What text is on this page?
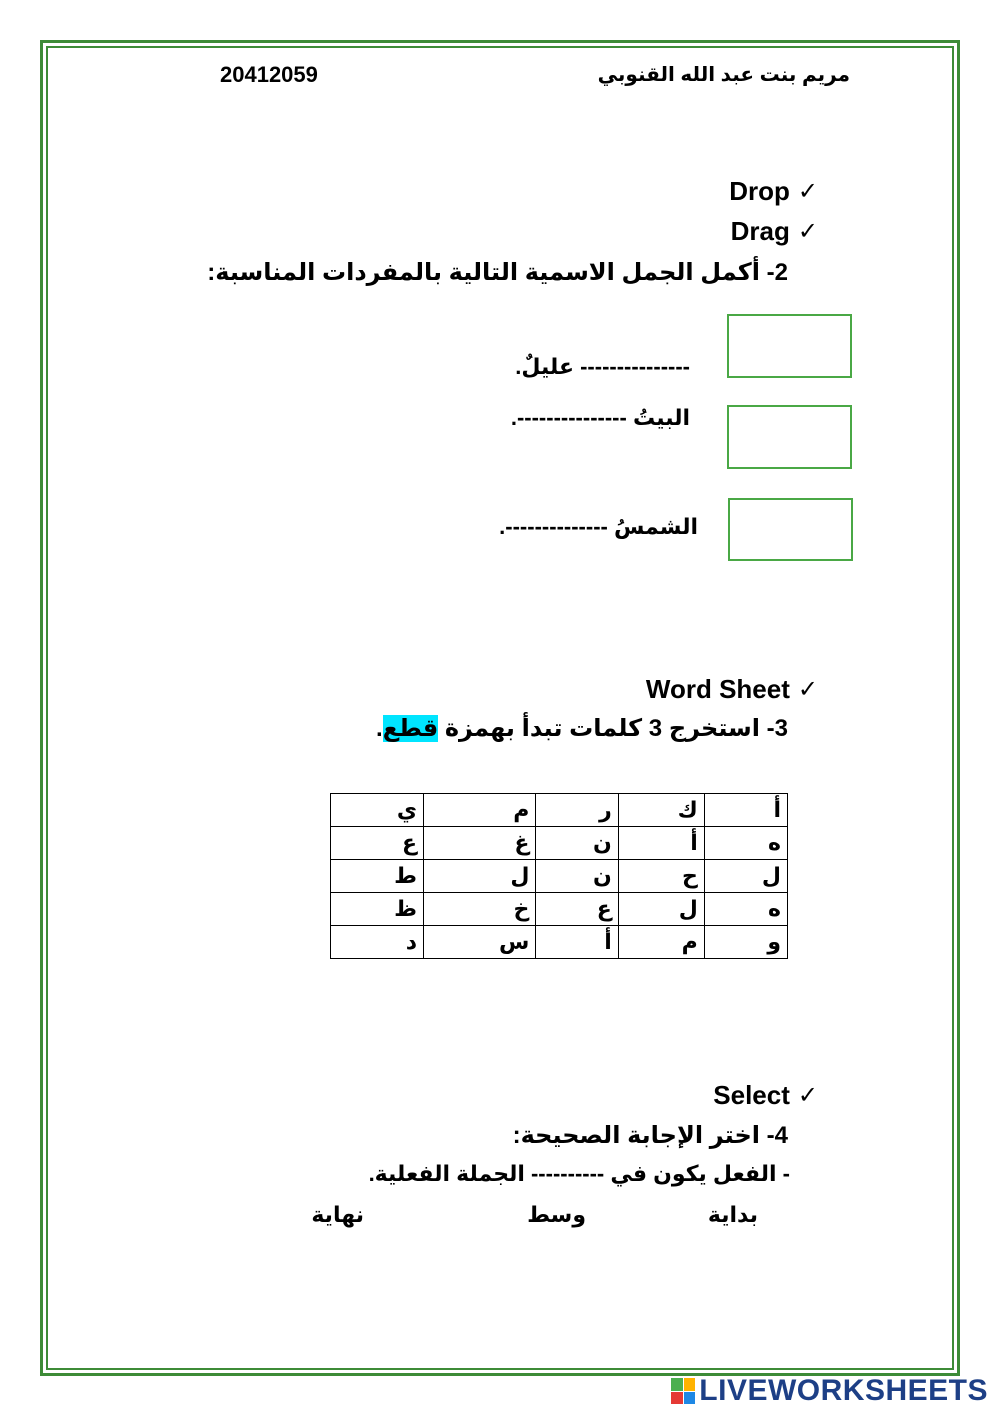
20412059	مريم بنت عبد الله القنوبي
Drop ✓
Drag ✓
2- أكمل الجمل الاسمية التالية بالمفردات المناسبة:
--------------- عليلٌ.
البيتُ ---------------.
الشمسُ --------------.
Word Sheet ✓
3- استخرج 3 كلمات تبدأ بهمزة قطع.
أ	ك	ر	م	ي
ه	أ	ن	غ	ع
ل	ح	ن	ل	ط
ه	ل	ع	خ	ظ
و	م	أ	س	د
Select ✓
4- اختر الإجابة الصحيحة:
- الفعل يكون في ---------- الجملة الفعلية.
بداية
وسط
نهاية
LIVEWORKSHEETS
